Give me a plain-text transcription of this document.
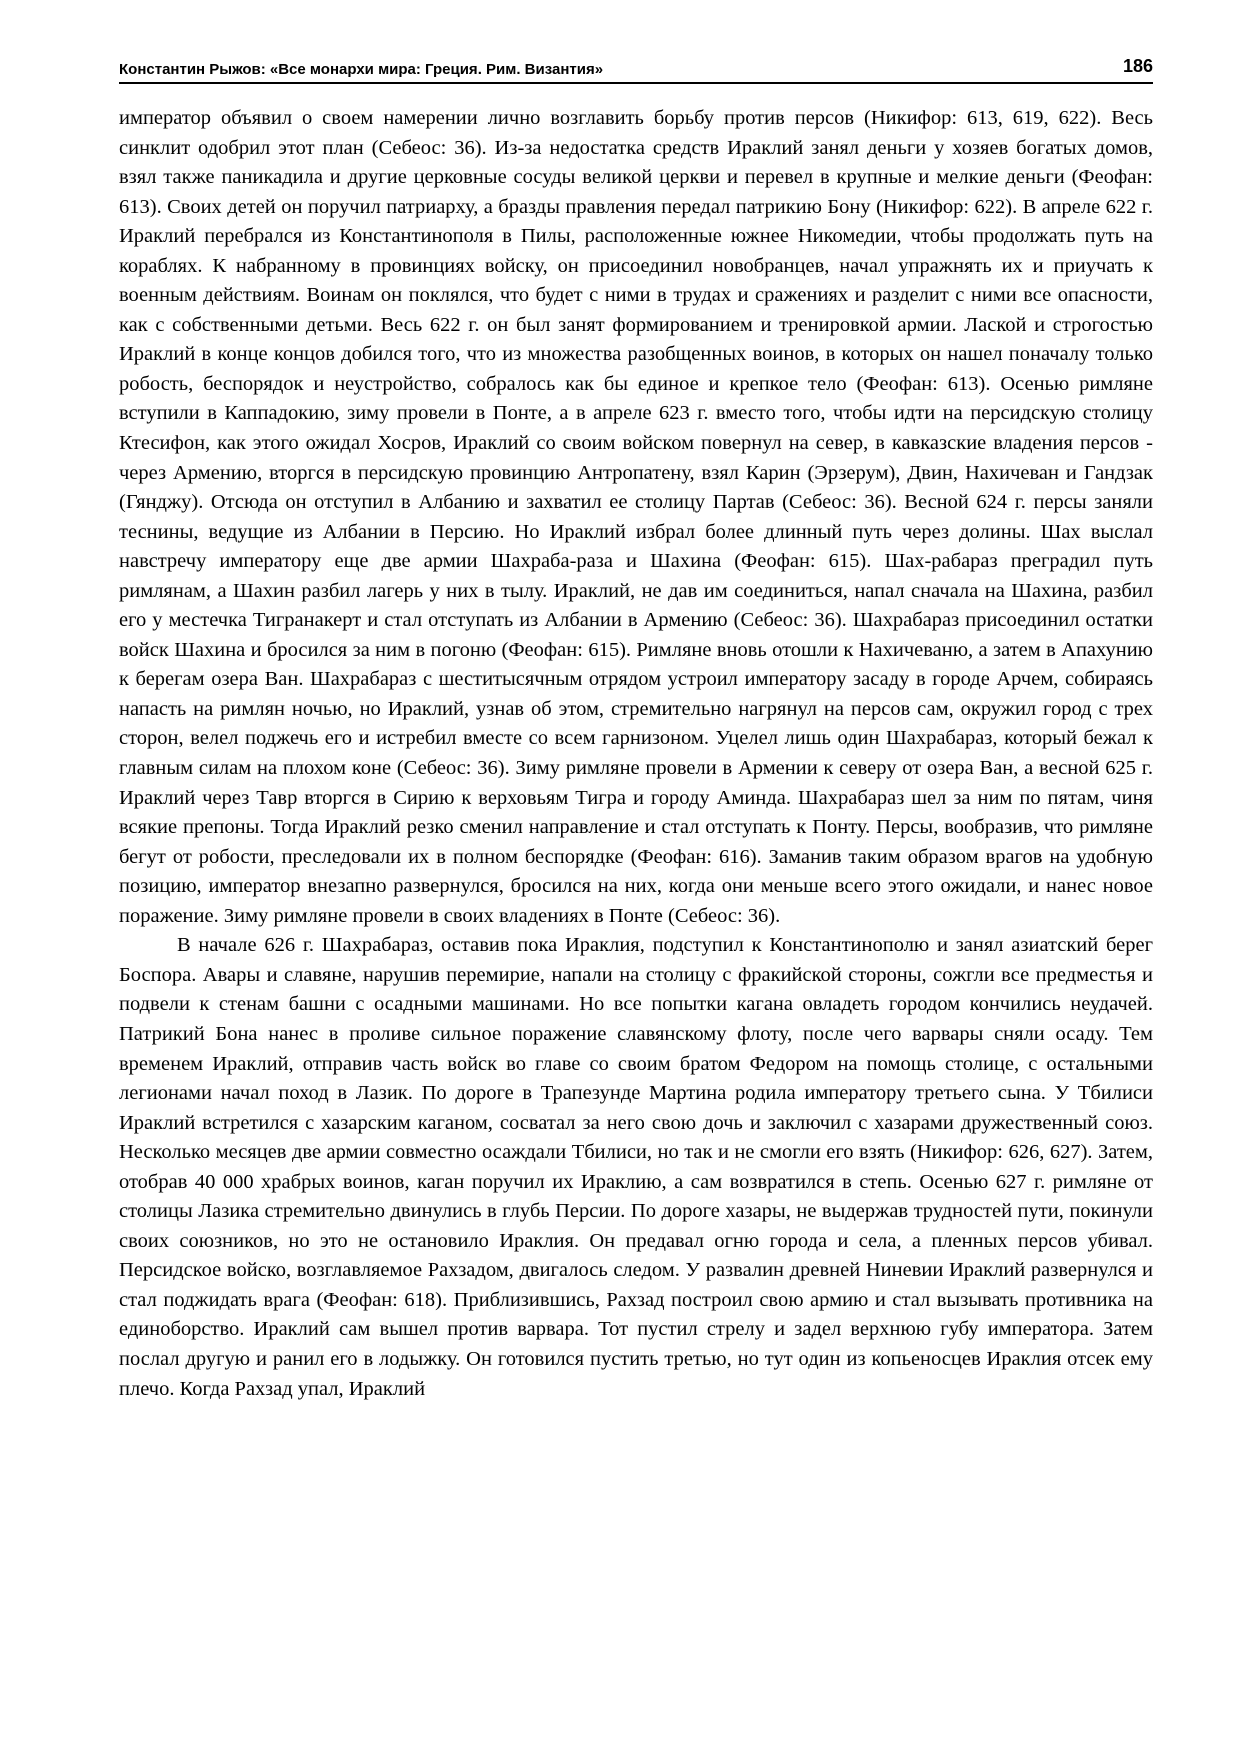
Константин Рыжов: «Все монархи мира: Греция. Рим. Византия»	186

император объявил о своем намерении лично возглавить борьбу против персов (Никифор: 613, 619, 622). Весь синклит одобрил этот план (Себеос: 36). Из-за недостатка средств Ираклий занял деньги у хозяев богатых домов, взял также паникадила и другие церковные сосуды великой церкви и перевел в крупные и мелкие деньги (Феофан: 613). Своих детей он поручил патриарху, а бразды правления передал патрикию Бону (Никифор: 622). В апреле 622 г. Ираклий перебрался из Константинополя в Пилы, расположенные южнее Никомедии, чтобы продолжать путь на кораблях. К набранному в провинциях войску, он присоединил новобранцев, начал упражнять их и приучать к военным действиям. Воинам он поклялся, что будет с ними в трудах и сражениях и разделит с ними все опасности, как с собственными детьми. Весь 622 г. он был занят формированием и тренировкой армии. Лаской и строгостью Ираклий в конце концов добился того, что из множества разобщенных воинов, в которых он нашел поначалу только робость, беспорядок и неустройство, собралось как бы единое и крепкое тело (Феофан: 613). Осенью римляне вступили в Каппадокию, зиму провели в Понте, а в апреле 623 г. вместо того, чтобы идти на персидскую столицу Ктесифон, как этого ожидал Хосров, Ираклий со своим войском повернул на север, в кавказские владения персов - через Армению, вторгся в персидскую провинцию Антропатену, взял Карин (Эрзерум), Двин, Нахичеван и Гандзак (Гянджу). Отсюда он отступил в Албанию и захватил ее столицу Партав (Себеос: 36). Весной 624 г. персы заняли теснины, ведущие из Албании в Персию. Но Ираклий избрал более длинный путь через долины. Шах выслал навстречу императору еще две армии Шахраба-раза и Шахина (Феофан: 615). Шах-рабараз преградил путь римлянам, а Шахин разбил лагерь у них в тылу. Ираклий, не дав им соединиться, напал сначала на Шахина, разбил его у местечка Тигранакерт и стал отступать из Албании в Армению (Себеос: 36). Шахрабараз присоединил остатки войск Шахина и бросился за ним в погоню (Феофан: 615). Римляне вновь отошли к Нахичеваню, а затем в Апахунию к берегам озера Ван. Шахрабараз с шеститысячным отрядом устроил императору засаду в городе Арчем, собираясь напасть на римлян ночью, но Ираклий, узнав об этом, стремительно нагрянул на персов сам, окружил город с трех сторон, велел поджечь его и истребил вместе со всем гарнизоном. Уцелел лишь один Шахрабараз, который бежал к главным силам на плохом коне (Себеос: 36). Зиму римляне провели в Армении к северу от озера Ван, а весной 625 г. Ираклий через Тавр вторгся в Сирию к верховьям Тигра и городу Аминда. Шахрабараз шел за ним по пятам, чиня всякие препоны. Тогда Ираклий резко сменил направление и стал отступать к Понту. Персы, вообразив, что римляне бегут от робости, преследовали их в полном беспорядке (Феофан: 616). Заманив таким образом врагов на удобную позицию, император внезапно развернулся, бросился на них, когда они меньше всего этого ожидали, и нанес новое поражение. Зиму римляне провели в своих владениях в Понте (Себеос: 36).

В начале 626 г. Шахрабараз, оставив пока Ираклия, подступил к Константинополю и занял азиатский берег Боспора. Авары и славяне, нарушив перемирие, напали на столицу с фракийской стороны, сожгли все предместья и подвели к стенам башни с осадными машинами. Но все попытки кагана овладеть городом кончились неудачей. Патрикий Бона нанес в проливе сильное поражение славянскому флоту, после чего варвары сняли осаду. Тем временем Ираклий, отправив часть войск во главе со своим братом Федором на помощь столице, с остальными легионами начал поход в Лазик. По дороге в Трапезунде Мартина родила императору третьего сына. У Тбилиси Ираклий встретился с хазарским каганом, сосватал за него свою дочь и заключил с хазарами дружественный союз. Несколько месяцев две армии совместно осаждали Тбилиси, но так и не смогли его взять (Никифор: 626, 627). Затем, отобрав 40 000 храбрых воинов, каган поручил их Ираклию, а сам возвратился в степь. Осенью 627 г. римляне от столицы Лазика стремительно двинулись в глубь Персии. По дороге хазары, не выдержав трудностей пути, покинули своих союзников, но это не остановило Ираклия. Он предавал огню города и села, а пленных персов убивал. Персидское войско, возглавляемое Рахзадом, двигалось следом. У развалин древней Ниневии Ираклий развернулся и стал поджидать врага (Феофан: 618). Приблизившись, Рахзад построил свою армию и стал вызывать противника на единоборство. Ираклий сам вышел против варвара. Тот пустил стрелу и задел верхнюю губу императора. Затем послал другую и ранил его в лодыжку. Он готовился пустить третью, но тут один из копьеносцев Ираклия отсек ему плечо. Когда Рахзад упал, Ираклий
